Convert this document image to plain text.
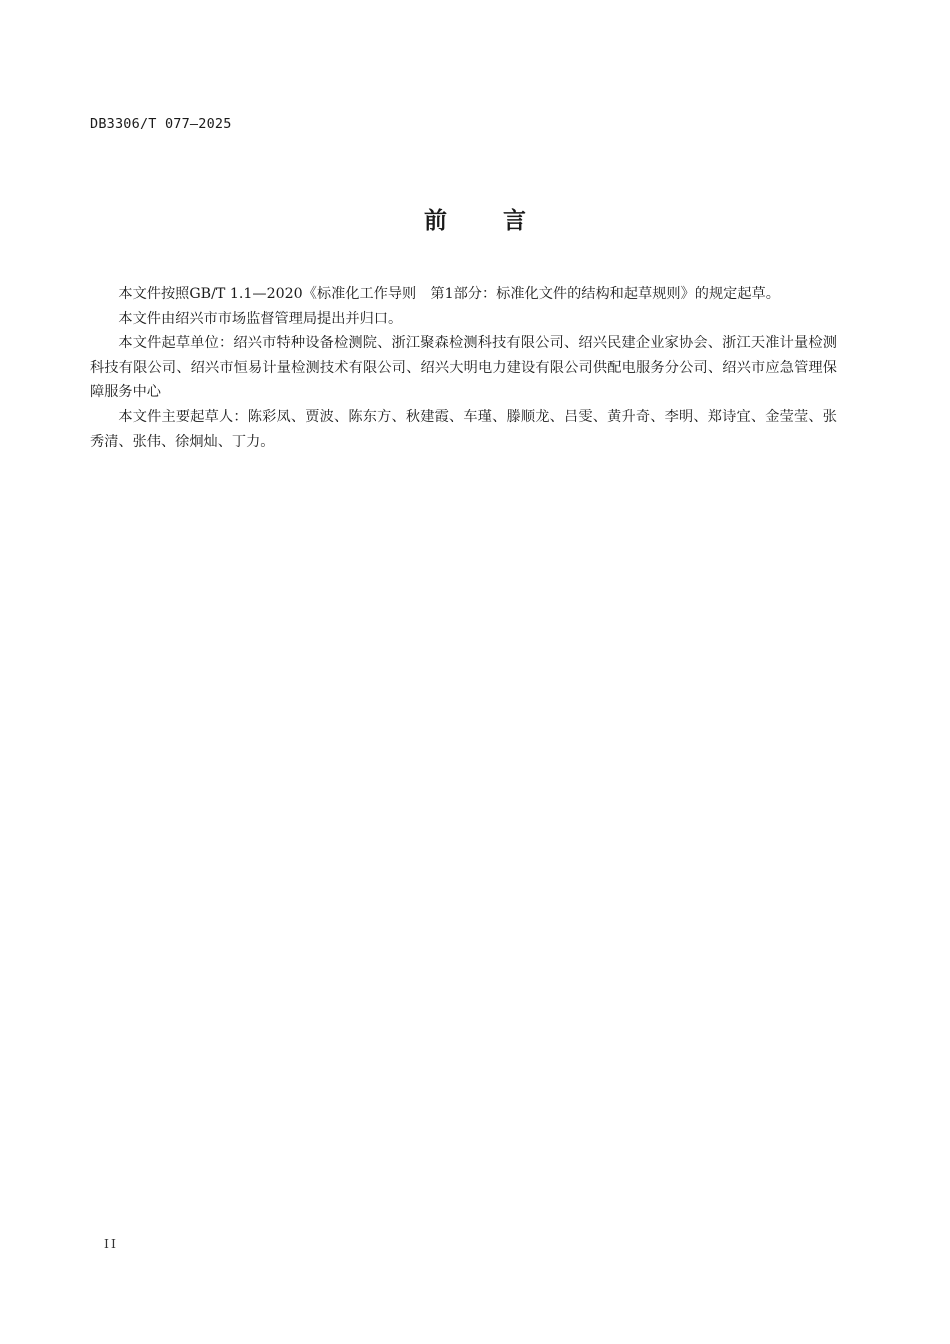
DB3306/T 077—2025
前言

本文件按照GB/T 1.1—2020《标准化工作导则　第1部分：标准化文件的结构和起草规则》的规定起草。

本文件由绍兴市市场监督管理局提出并归口。

本文件起草单位：绍兴市特种设备检测院、浙江聚森检测科技有限公司、绍兴民建企业家协会、浙江天准计量检测科技有限公司、绍兴市恒易计量检测技术有限公司、绍兴大明电力建设有限公司供配电服务分公司、绍兴市应急管理保障服务中心

本文件主要起草人：陈彩凤、贾波、陈东方、秋建霞、车瑾、滕顺龙、吕雯、黄升奇、李明、郑诗宜、金莹莹、张秀清、张伟、徐炯灿、丁力。

II
